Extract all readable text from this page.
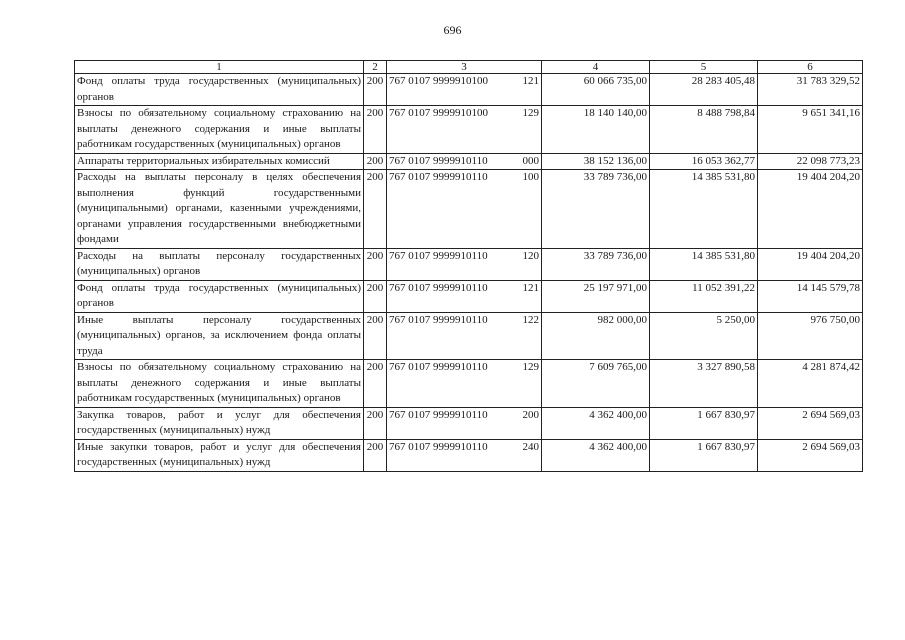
696
1	2	3	4	5	6
Фонд оплаты труда государственных (муниципальных) органов	200	767 0107 9999910100 121	60 066 735,00	28 283 405,48	31 783 329,52
Взносы по обязательному социальному страхованию на выплаты денежного содержания и иные выплаты работникам государственных (муниципальных) органов	200	767 0107 9999910100 129	18 140 140,00	8 488 798,84	9 651 341,16
Аппараты территориальных избирательных комиссий	200	767 0107 9999910110 000	38 152 136,00	16 053 362,77	22 098 773,23
Расходы на выплаты персоналу в целях обеспечения выполнения функций государственными (муниципальными) органами, казенными учреждениями, органами управления государственными внебюджетными фондами	200	767 0107 9999910110 100	33 789 736,00	14 385 531,80	19 404 204,20
Расходы на выплаты персоналу государственных (муниципальных) органов	200	767 0107 9999910110 120	33 789 736,00	14 385 531,80	19 404 204,20
Фонд оплаты труда государственных (муниципальных) органов	200	767 0107 9999910110 121	25 197 971,00	11 052 391,22	14 145 579,78
Иные выплаты персоналу государственных (муниципальных) органов, за исключением фонда оплаты труда	200	767 0107 9999910110 122	982 000,00	5 250,00	976 750,00
Взносы по обязательному социальному страхованию на выплаты денежного содержания и иные выплаты работникам государственных (муниципальных) органов	200	767 0107 9999910110 129	7 609 765,00	3 327 890,58	4 281 874,42
Закупка товаров, работ и услуг для обеспечения государственных (муниципальных) нужд	200	767 0107 9999910110 200	4 362 400,00	1 667 830,97	2 694 569,03
Иные закупки товаров, работ и услуг для обеспечения государственных (муниципальных) нужд	200	767 0107 9999910110 240	4 362 400,00	1 667 830,97	2 694 569,03
